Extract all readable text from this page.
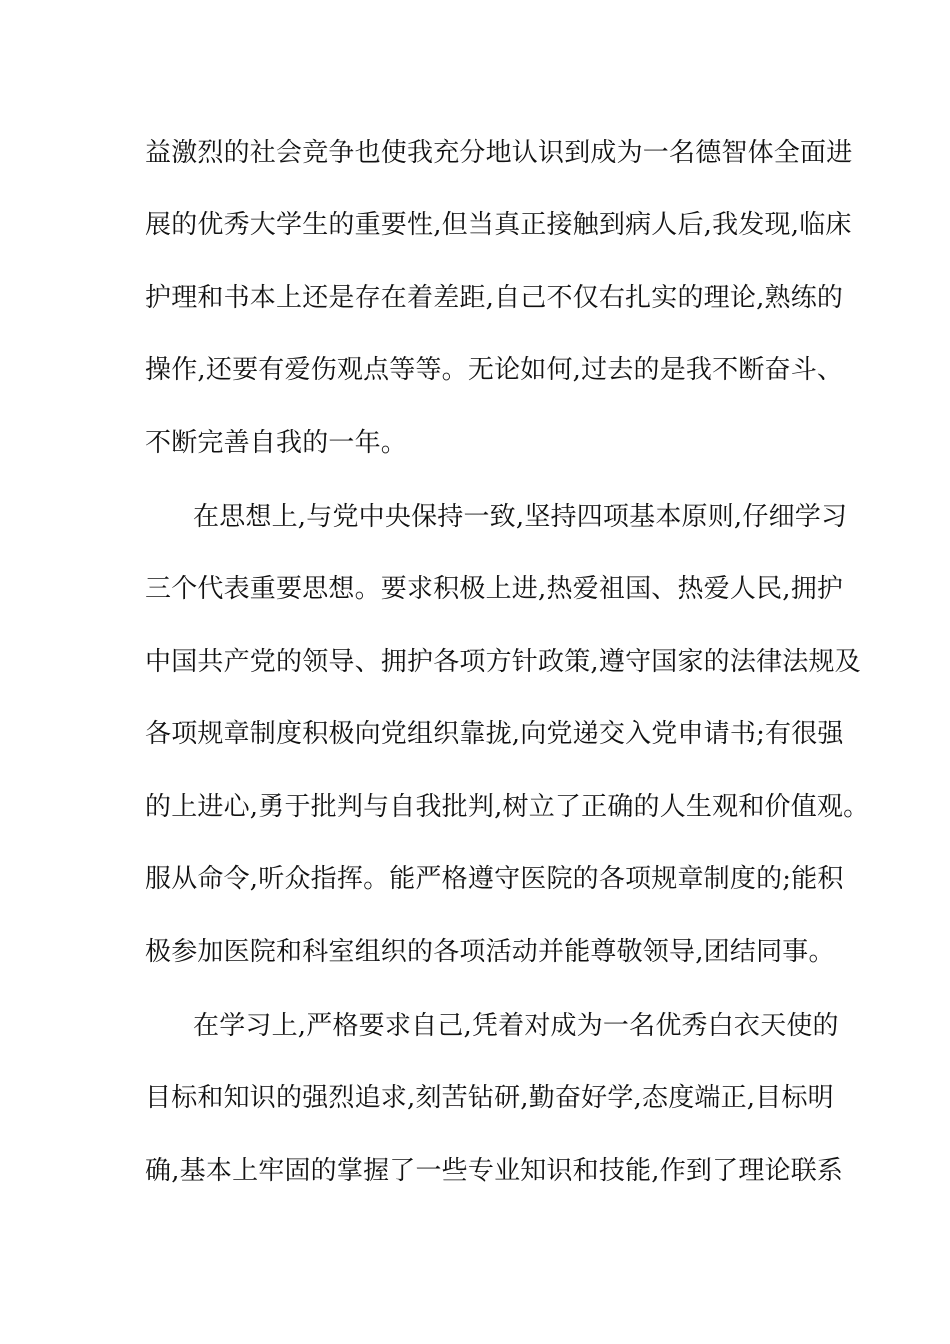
益激烈的社会竞争也使我充分地认识到成为一名德智体全面进
展的优秀大学生的重要性,但当真正接触到病人后,我发现,临床
护理和书本上还是存在着差距,自己不仅右扎实的理论,熟练的
操作,还要有爱伤观点等等。无论如何,过去的是我不断奋斗、
不断完善自我的一年。
在思想上,与党中央保持一致,坚持四项基本原则,仔细学习
三个代表重要思想。要求积极上进,热爱祖国、热爱人民,拥护
中国共产党的领导、拥护各项方针政策,遵守国家的法律法规及
各项规章制度积极向党组织靠拢,向党递交入党申请书;有很强
的上进心,勇于批判与自我批判,树立了正确的人生观和价值观。
服从命令,听众指挥。能严格遵守医院的各项规章制度的;能积
极参加医院和科室组织的各项活动并能尊敬领导,团结同事。
在学习上,严格要求自己,凭着对成为一名优秀白衣天使的
目标和知识的强烈追求,刻苦钻研,勤奋好学,态度端正,目标明
确,基本上牢固的掌握了一些专业知识和技能,作到了理论联系
